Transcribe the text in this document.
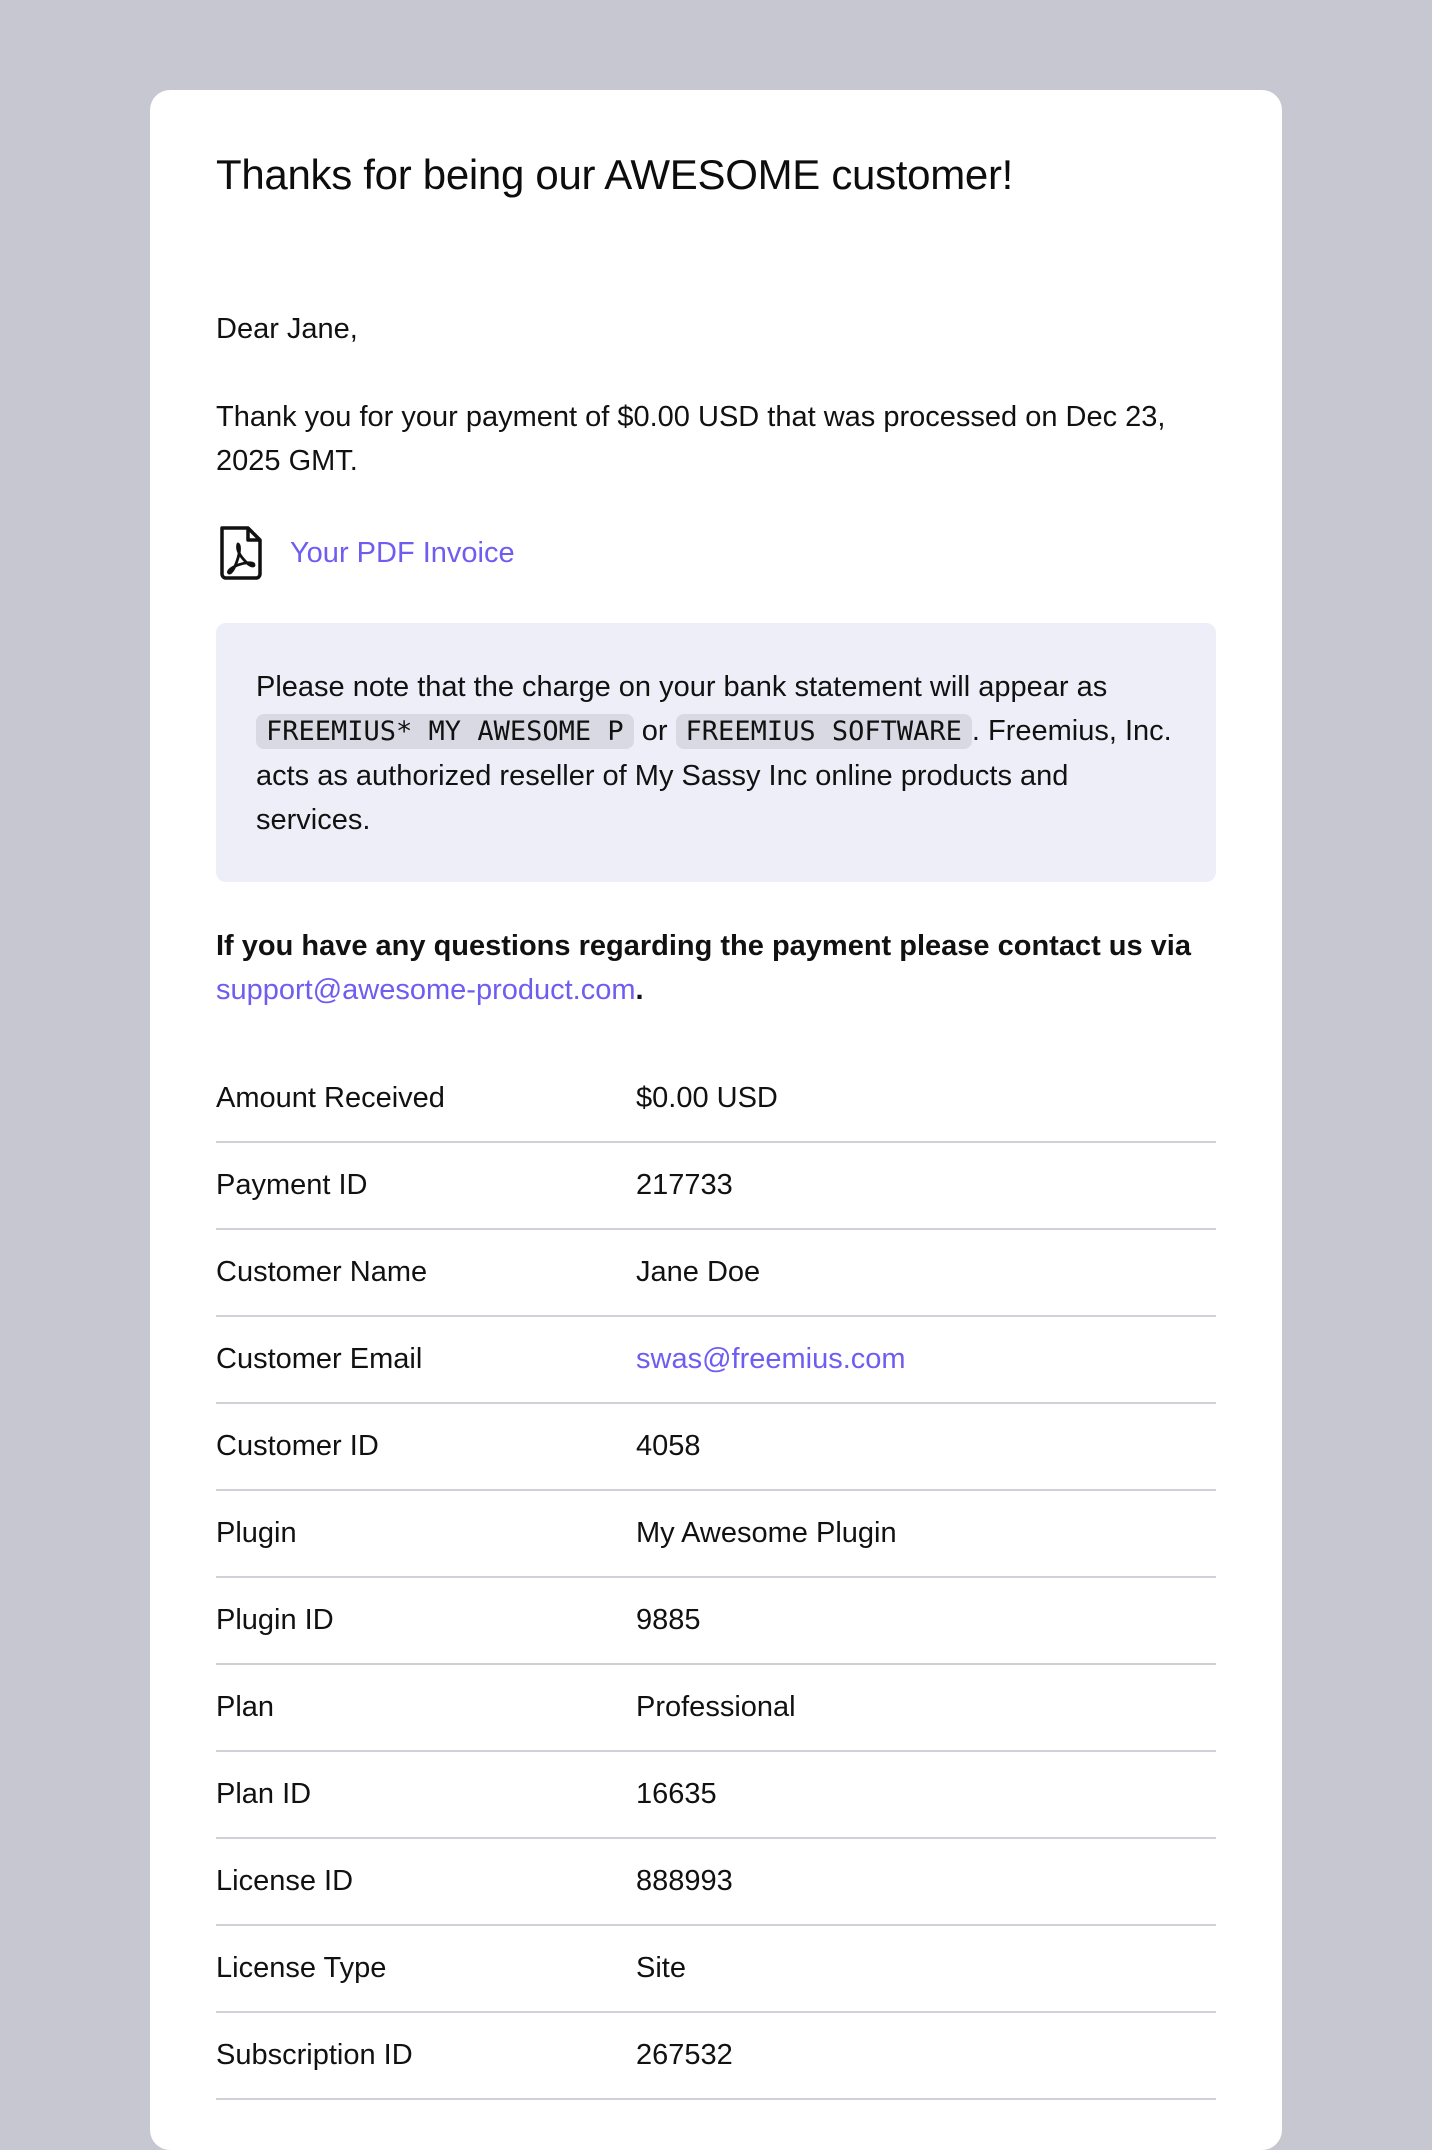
Thanks for being our AWESOME customer!

Dear Jane,

Thank you for your payment of $0.00 USD that was processed on Dec 23, 2025 GMT.

Your PDF Invoice
Please note that the charge on your bank statement will appear as FREEMIUS* MY AWESOME P or FREEMIUS SOFTWARE . Freemius, Inc. acts as authorized reseller of My Sassy Inc online products and services.

If you have any questions regarding the payment please contact us via support@awesome-product.com.

Amount Received	$0.00 USD
Payment ID	217733
Customer Name	Jane Doe
Customer Email	swas@freemius.com
Customer ID	4058
Plugin	My Awesome Plugin
Plugin ID	9885
Plan	Professional
Plan ID	16635
License ID	888993
License Type	Site
Subscription ID	267532
